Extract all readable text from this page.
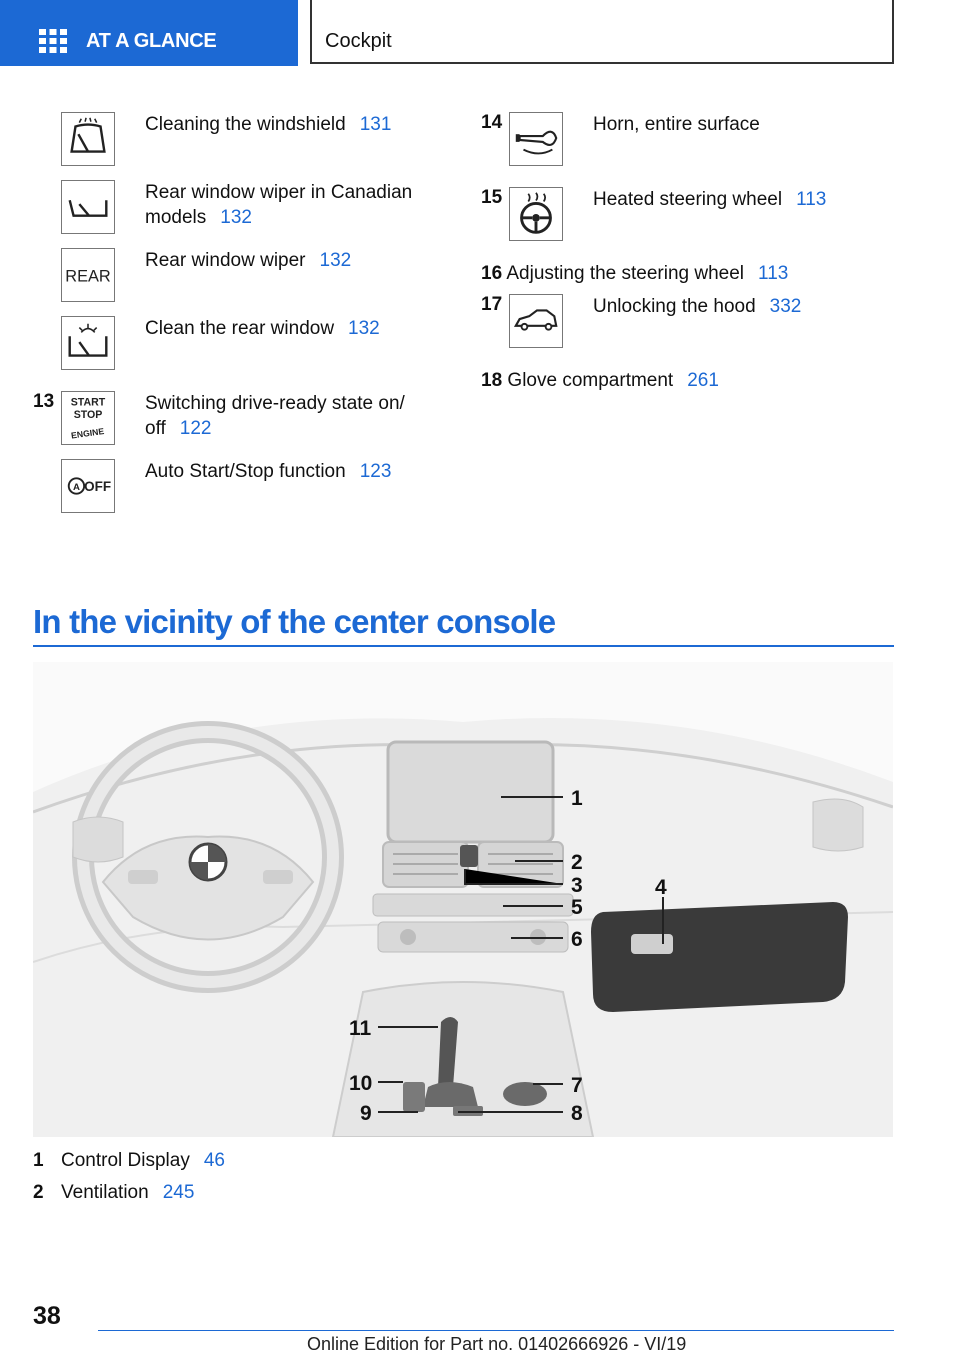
AT A GLANCE	Cockpit
Cleaning the windshield 131
Rear window wiper in Canadian
models 132
REAR
Rear window wiper 132
Clean the rear window 132
13 START
STOP
ENGINE
Switching drive-ready state on/
off 122
A OFF
Auto Start/Stop function 123
14	Horn, entire surface
15	Heated steering wheel 113
16 Adjusting the steering wheel 113
17	Unlocking the hood 332
18 Glove compartment 261
In the vicinity of the center console
1
2
3	4
5
6
7
8
9
10
11
1 Control Display 46
2 Ventilation 245
38
Online Edition for Part no. 01402666926 - VI/19
